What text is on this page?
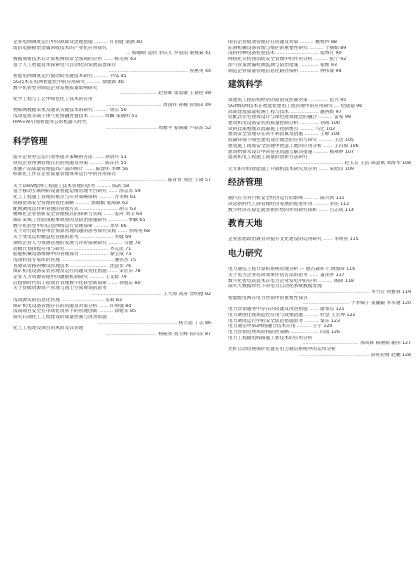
企业电网调度运行中的故障及处理措施 ……… 许佰健 梁涵 40
废旧电路板贵金属回收技术的产业化应用探究
… 杨晓晴 袁欣 李沃儿 罗思雨 梁燕菊 41
数据加密技术在计算机网络安全领域的应用 …… 杨关娇 43
基于人工智能技术探索电气自动化的发展前景探讨
…………………………………………… 曾惠英 44
智能电网调度运行滚动的关键技术研究 ……… 尹品 45
5G技术在电网智能化中的应用研究 ……… 俞建新 46
数字化转型对制造企业发展质量影响研究
…………………… 赵春晖 张思敏 王嘉伦 48
化学工程与工艺中绿色化工技术的应用
……………………………… 周国祥 孙耀 崔保田 49
物联网数据采集及通讯关键技术的研究 ……… 周宗 50
浅谈危废等离子体气化熔融处置技术 ……… 周麟 张晓明 51
RPA+AI引领智能办公的机器人时代
…………………………… 周雅平 蔡圆敏 卢彩冻 52
科学管理
提升企业办公运行效率提升策略的方法 …… 孙清丹 53
铁电企业预测管理在后的问题及对策 ……… 陈东兵 55
加强产品质量管理提高产品的统计 …… 陈建伟 李婵 56
标准化工作在企业质量管理体系运行中的作用探讨
…………………………………… 陈青青 刘浩 王微 57
关于10kV配网工程施工技术管理的思考 ……… 陈武 58
基于移动互联网的设备智能运维管理平台研究 …… 涂志苏 59
化工工程施工管理的难点与应对策略探析 ……… 方冬梅 61
铁路货场安全管理和优化策略 ……… 郭福娥 张海斌 62
配网调度运作和管理的管理方式 …………………… 胡玉 63
精细化企业创新安全管理模式的探索与实践 …… 姜涛 刘玉 64
煤矿采煤工作面顶板事故原因及防治措施研究 ………… 季鹏 65
数字化转型中的信息网络运行管理探索 ……… 李华 66
关于对行政事业单位预算管理问题的思考探究实践 …… 李海英 68
关于变电运检精益化管理的思考 ………………… 李健 69
钢铁企业人力资源管理的发展与评价探索研究 ……… 马德 70
高级计划排程应用与研究 ……………………… 齐志民 71
船舶机械设备维修中的管理探讨 ……………… 秦宝成 73
浅谈科技专家库的管理 …………………………… 潘伟杰 75
普通试管路的敷设管理技术 …………………… 沈慧菲 76
煤矿机电设备安装管理及运行问题及优化措施 …… 宋宏东 78
企业人力资源管理中的激励机制研究 ……… 王文姣 79
后疫情时代的工程项目管理数字化转型新探索 …… 孙旭东 80
关于县级资源资产管理与国土空间规划的思考
……………………………………… 王大海 高涛 晋明德 82
浅谈源头的信息化管理 ……………………… 吴莉 83
煤矿机电设备管理存在的问题及对策分析 …… 许海强 84
浅谈项目安全在市场化改革下的管理创新 ……… 徐建军 85
探究石油化工工程建设的质量控制与改善措施
…………………………………………… 杨立超 丁志 86
化工工程建设项目的风险及其管理
…………………………… 杨振亮 高玉峰 崔向东 87
国有企业绩效管理存在问题及对策 ……… 姚牧羚 88
轧钢机械设备管理与维护的重要性研究 ……… 于丽娟 89
浅析特种设备检验技术 ……………………… 张博凡 90
网络化在校园消防安全管理中的作用分析 ……… 张宁 92
涂气管道泄漏检测监测与防治措施 ………… 张维 93
制造企业质量管理信息化路径探析 ………… 钟伟成 94
建筑科学
谈建筑工程结构经常的原因及控制对策 ………… 范兴 95
5G物联网技术在智能化建筑工程管理中的应用研究 … 纪晓迪 96
高新建筑质量检测工程与技术 ……………… 潘西娟 97
装配式住宅建筑设计与绿色建筑理念的融合 ……… 雷希 99
建筑机电设备安装的质量控制分析 ………… 刘靖 100
试析挂质整理式混凝施工控制要点 ……… 马迁 102
建筑安全管理存在的不利因素及措施 ……… 王峰 104
低碳环保下绿色建筑设计理念的应用与研究 ……… 王达 105
建筑施工现场安全管理中智慧工地的应用分析 …… 王冯海 106
建筑给排水设计中的常见问题与解决措施 ……… 杨翠婷 107
提高机电工程施工质量的创新方法研究
………………………… 赵玉友 王洁 陈慧斌 刘海华 108
无专职司机智能施工升降机技术研究及应用 …… 朱昭山 109
经济管理
抽汽压力对汽机安全经济运行的影响 ……… 陈兴典 111
试论新时代工商管理经济发展的促进作用 ……… 李民 112
数字经济在稳定就业新形势的作用研究探析 …… 吕志成 114
教育天地
企业思想政治教育对提升文化建设的运用研究 …… 李明亮 115
电力研究
电力通信工程计算机系统管理分析 ··· 德古森祥 仁增曲珍 116
关于电力企业培训效果评估方法的思考 …… 董泽洪 117
数字化智电站技术在电力企业发电中的应用 ……… 陶锋 118
探究大数据时代下的电力自动化系统数据处理
………………………………………… 李力行 何雅蓉 119
智能配电网在电力营销中的重要性探讨
………………………… 于李娣子 张毓颖 李永驰 120
电力营销服务中存在的问题及改进措施 …… 廖承点 121
电力调度化现场监控应用与效果措施 ……… 杜登 王宏坤 122
电力调度运行中的安全防范措施思考 ……… 秦东 123
电力通信中5G网络融合技术应用 ……… 王宇 124
电力营销电费风险和防控策略 ……………… 向雨 126
电力工程输电线路施工新技术的应用分析
……………………………… 邢凤辉 韩丽娟 谢伟 127
光纤自动切换保护装置在电力通信系统中的运用分析
……………………………………… 薛旺拉姆 赵鹏 128
